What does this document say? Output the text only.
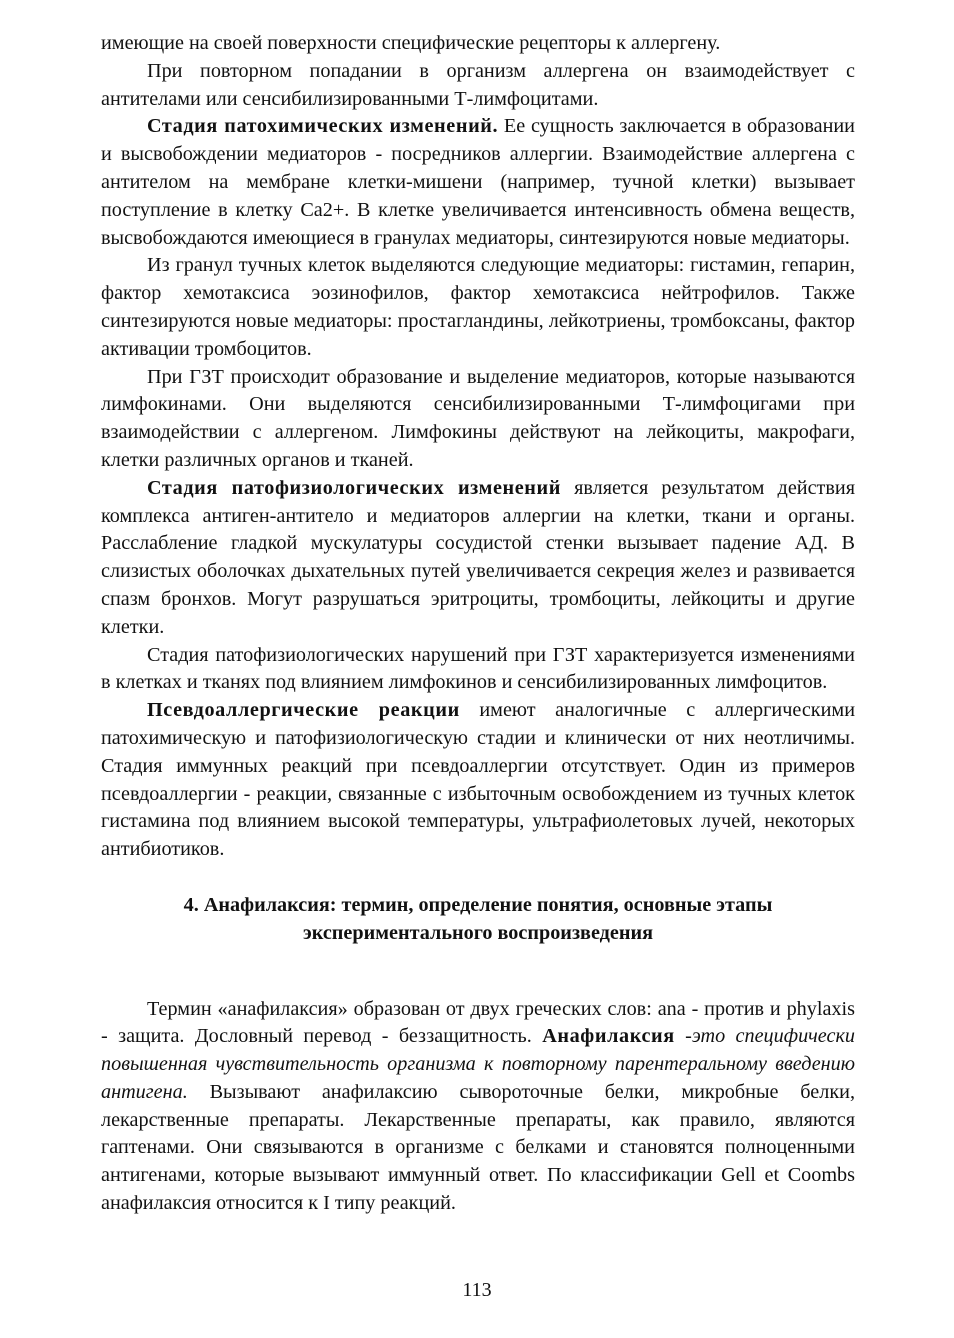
имеющие на своей поверхности специфические рецепторы к аллергену.

При повторном попадании в организм аллергена он взаимодействует с антителами или сенсибилизированными Т-лимфоцитами.

Стадия патохимических изменений. Ее сущность заключается в образовании и высвобождении медиаторов - посредников аллергии. Взаимодействие аллергена с антителом на мембране клетки-мишени (например, тучной клетки) вызывает поступление в клетку Са2+. В клетке увеличивается интенсивность обмена веществ, высвобождаются имеющиеся в гранулах медиаторы, синтезируются новые медиаторы.

Из гранул тучных клеток выделяются следующие медиаторы: гистамин, гепарин, фактор хемотаксиса эозинофилов, фактор хемотаксиса нейтрофилов. Также синтезируются новые медиаторы: простагландины, лейкотриены, тромбоксаны, фактор активации тромбоцитов.

При ГЗТ происходит образование и выделение медиаторов, которые называются лимфокинами. Они выделяются сенсибилизированными Т-лимфоцигами при взаимодействии с аллергеном. Лимфокины действуют на лейкоциты, макрофаги, клетки различных органов и тканей.

Стадия патофизиологических изменений является результатом действия комплекса антиген-антитело и медиаторов аллергии на клетки, ткани и органы. Расслабление гладкой мускулатуры сосудистой стенки вызывает падение АД. В слизистых оболочках дыхательных путей увеличивается секреция желез и развивается спазм бронхов. Могут разрушаться эритроциты, тромбоциты, лейкоциты и другие клетки.

Стадия патофизиологических нарушений при ГЗТ характеризуется изменениями в клетках и тканях под влиянием лимфокинов и сенсибилизированных лимфоцитов.

Псевдоаллергические реакции имеют аналогичные с аллергическими патохимическую и патофизиологическую стадии и клинически от них неотличимы. Стадия иммунных реакций при псевдоаллергии отсутствует. Один из примеров псевдоаллергии - реакции, связанные с избыточным освобождением из тучных клеток гистамина под влиянием высокой температуры, ультрафиолетовых лучей, некоторых антибиотиков.

4. Анафилаксия: термин, определение понятия, основные этапы экспериментального воспроизведения

Термин «анафилаксия» образован от двух греческих слов: ana - против и phylaxis - защита. Дословный перевод - беззащитность. Анафилаксия -это специфически повышенная чувствительность организма к повторному парентеральному введению антигена. Вызывают анафилаксию сывороточные белки, микробные белки, лекарственные препараты. Лекарственные препараты, как правило, являются гаптенами. Они связываются в организме с белками и становятся полноценными антигенами, которые вызывают иммунный ответ. По классификации Gell et Coombs анафилаксия относится к I типу реакций.

113
